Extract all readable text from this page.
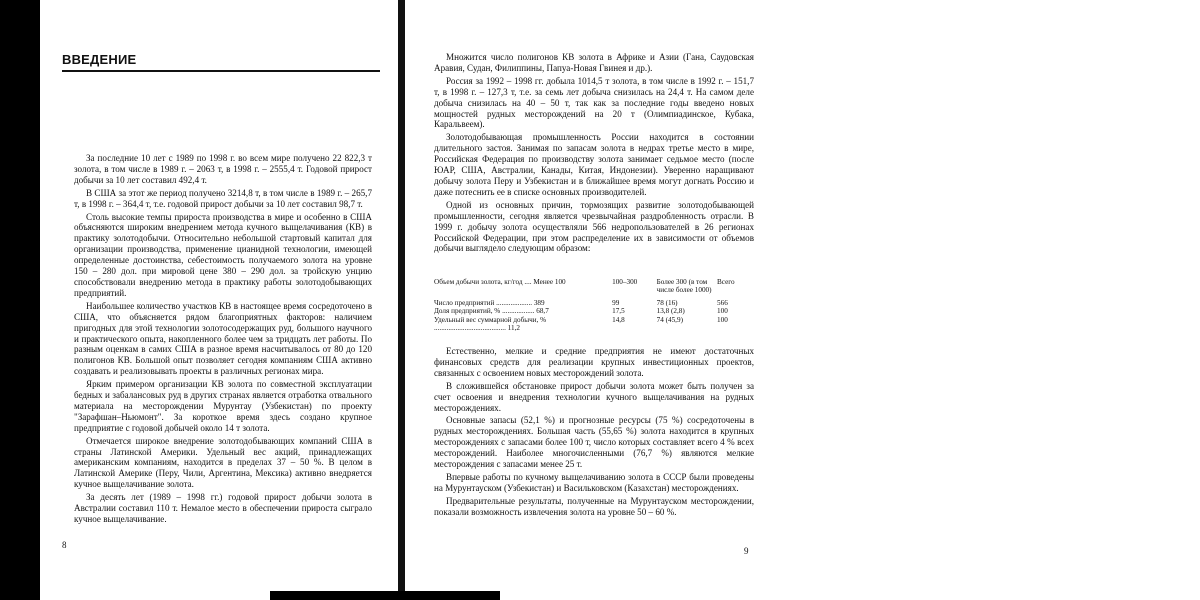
ВВЕДЕНИЕ

За последние 10 лет с 1989 по 1998 г. во всем мире получено 22 822,3 т золота, в том числе в 1989 г. – 2063 т, в 1998 г. – 2555,4 т. Годовой прирост добычи за 10 лет составил 492,4 т.

В США за этот же период получено 3214,8 т, в том числе в 1989 г. – 265,7 т, в 1998 г. – 364,4 т, т.е. годовой прирост добычи за 10 лет составил 98,7 т.

Столь высокие темпы прироста производства в мире и особенно в США объясняются широким внедрением метода кучного выщелачивания (КВ) в практику золотодобычи. Относительно небольшой стартовый капитал для организации производства, применение цианидной технологии, имеющей определенные достоинства, себестоимость получаемого золота на уровне 150 – 280 дол. при мировой цене 380 – 290 дол. за тройскую унцию способствовали внедрению метода в практику работы золотодобывающих предприятий.

Наибольшее количество участков КВ в настоящее время сосредоточено в США, что объясняется рядом благоприятных факторов: наличием пригодных для этой технологии золотосодержащих руд, большого научного и практического опыта, накопленного более чем за тридцать лет работы. По разным оценкам в самих США в разное время насчитывалось от 80 до 120 полигонов КВ. Большой опыт позволяет сегодня компаниям США активно создавать и реализовывать проекты в различных регионах мира.

Ярким примером организации КВ золота по совместной эксплуатации бедных и забалансовых руд в других странах является отработка отвального материала на месторождении Мурунтау (Узбекистан) по проекту "Зарафшан–Ньюмонт". За короткое время здесь создано крупное предприятие с годовой добычей около 14 т золота.

Отмечается широкое внедрение золотодобывающих компаний США в страны Латинской Америки. Удельный вес акций, принадлежащих американским компаниям, находится в пределах 37 – 50 %. В целом в Латинской Америке (Перу, Чили, Аргентина, Мексика) активно внедряется кучное выщелачивание золота.

За десять лет (1989 – 1998 гг.) годовой прирост добычи золота в Австралии составил 110 т. Немалое место в обеспечении прироста сыграло кучное выщелачивание.

8

Множится число полигонов КВ золота в Африке и Азии (Гана, Саудовская Аравия, Судан, Филиппины, Папуа-Новая Гвинея и др.).

Россия за 1992 – 1998 гг. добыла 1014,5 т золота, в том числе в 1992 г. – 151,7 т, в 1998 г. – 127,3 т, т.е. за семь лет добыча снизилась на 24,4 т. На самом деле добыча снизилась на 40 – 50 т, так как за последние годы введено новых мощностей рудных месторождений на 20 т (Олимпиадинское, Кубака, Каральвеем).

Золотодобывающая промышленность России находится в состоянии длительного застоя. Занимая по запасам золота в недрах третье место в мире, Российская Федерация по производству золота занимает седьмое место (после ЮАР, США, Австралии, Канады, Китая, Индонезии). Уверенно наращивают добычу золота Перу и Узбекистан и в ближайшее время могут догнать Россию и даже потеснить ее в списке основных производителей.

Одной из основных причин, тормозящих развитие золотодобывающей промышленности, сегодня является чрезвычайная раздробленность отрасли. В 1999 г. добычу золота осуществляли 566 недропользователей в 26 регионах Российской Федерации, при этом распределение их в зависимости от объемов добычи выглядело следующим образом:

Объем добычи золота, кг/год .... Менее 100	100–300	Более 300 (в том числе более 1000)	Всего
Число предприятий .................... 389	99	78 (16)	566
Доля предприятий, % .................. 68,7	17,5	13,8 (2,8)	100
Удельный вес суммарной добычи, % ........................................ 11,2	14,8	74 (45,9)	100

Естественно, мелкие и средние предприятия не имеют достаточных финансовых средств для реализации крупных инвестиционных проектов, связанных с освоением новых месторождений золота.

В сложившейся обстановке прирост добычи золота может быть получен за счет освоения и внедрения технологии кучного выщелачивания на рудных месторождениях.

Основные запасы (52,1 %) и прогнозные ресурсы (75 %) сосредоточены в рудных месторождениях. Большая часть (55,65 %) золота находится в крупных месторождениях с запасами более 100 т, число которых составляет всего 4 % всех месторождений. Наиболее многочисленными (76,7 %) являются мелкие месторождения с запасами менее 25 т.

Впервые работы по кучному выщелачиванию золота в СССР были проведены на Мурунтауском (Узбекистан) и Васильковском (Казахстан) месторождениях.

Предварительные результаты, полученные на Мурунтауском месторождении, показали возможность извлечения золота на уровне 50 – 60 %.

9
